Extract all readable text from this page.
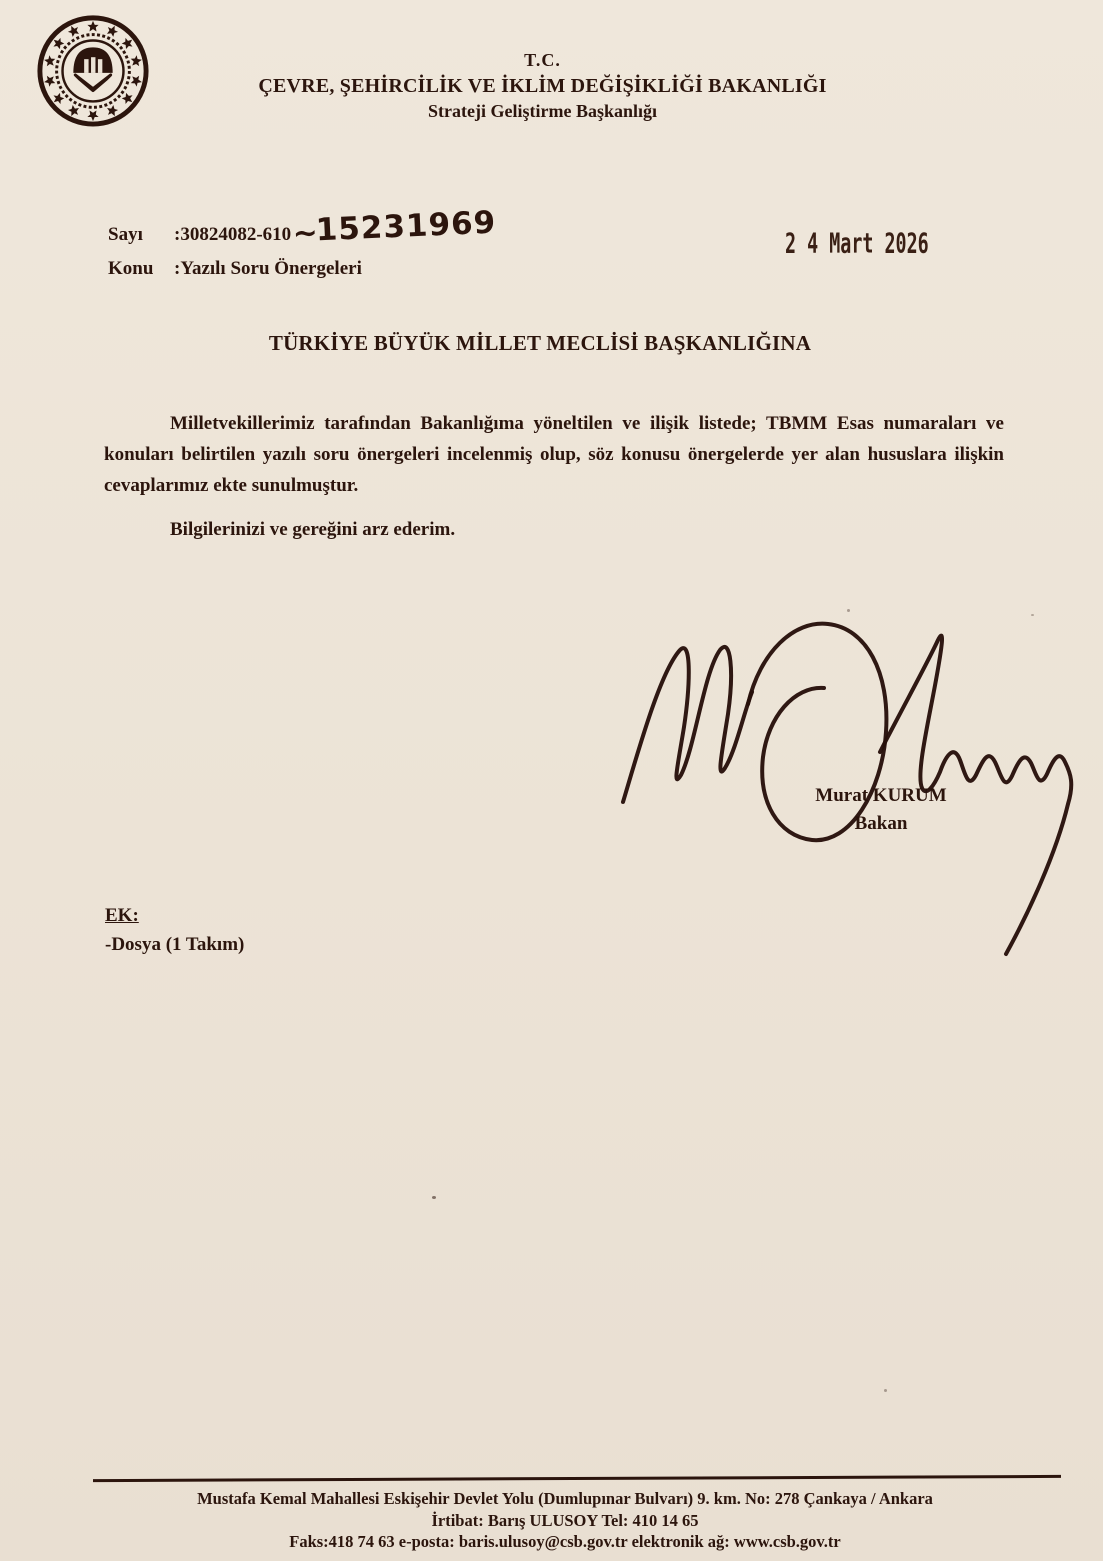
T.C.
ÇEVRE, ŞEHİRCİLİK VE İKLİM DEĞİŞİKLİĞİ BAKANLIĞI
Strateji Geliştirme Başkanlığı
Sayı	:30824082-610 ~15231969
Konu	:Yazılı Soru Önergeleri
2 4 Mart 2026
TÜRKİYE BÜYÜK MİLLET MECLİSİ BAŞKANLIĞINA

Milletvekillerimiz tarafından Bakanlığıma yöneltilen ve ilişik listede; TBMM Esas numaraları ve konuları belirtilen yazılı soru önergeleri incelenmiş olup, söz konusu önergelerde yer alan hususlara ilişkin cevaplarımız ekte sunulmuştur.

Bilgilerinizi ve gereğini arz ederim.

Murat KURUM
Bakan
EK:
-Dosya (1 Takım)
Mustafa Kemal Mahallesi Eskişehir Devlet Yolu (Dumlupınar Bulvarı) 9. km. No: 278 Çankaya / Ankara
İrtibat: Barış ULUSOY Tel: 410 14 65
Faks:418 74 63 e-posta: baris.ulusoy@csb.gov.tr elektronik ağ: www.csb.gov.tr
